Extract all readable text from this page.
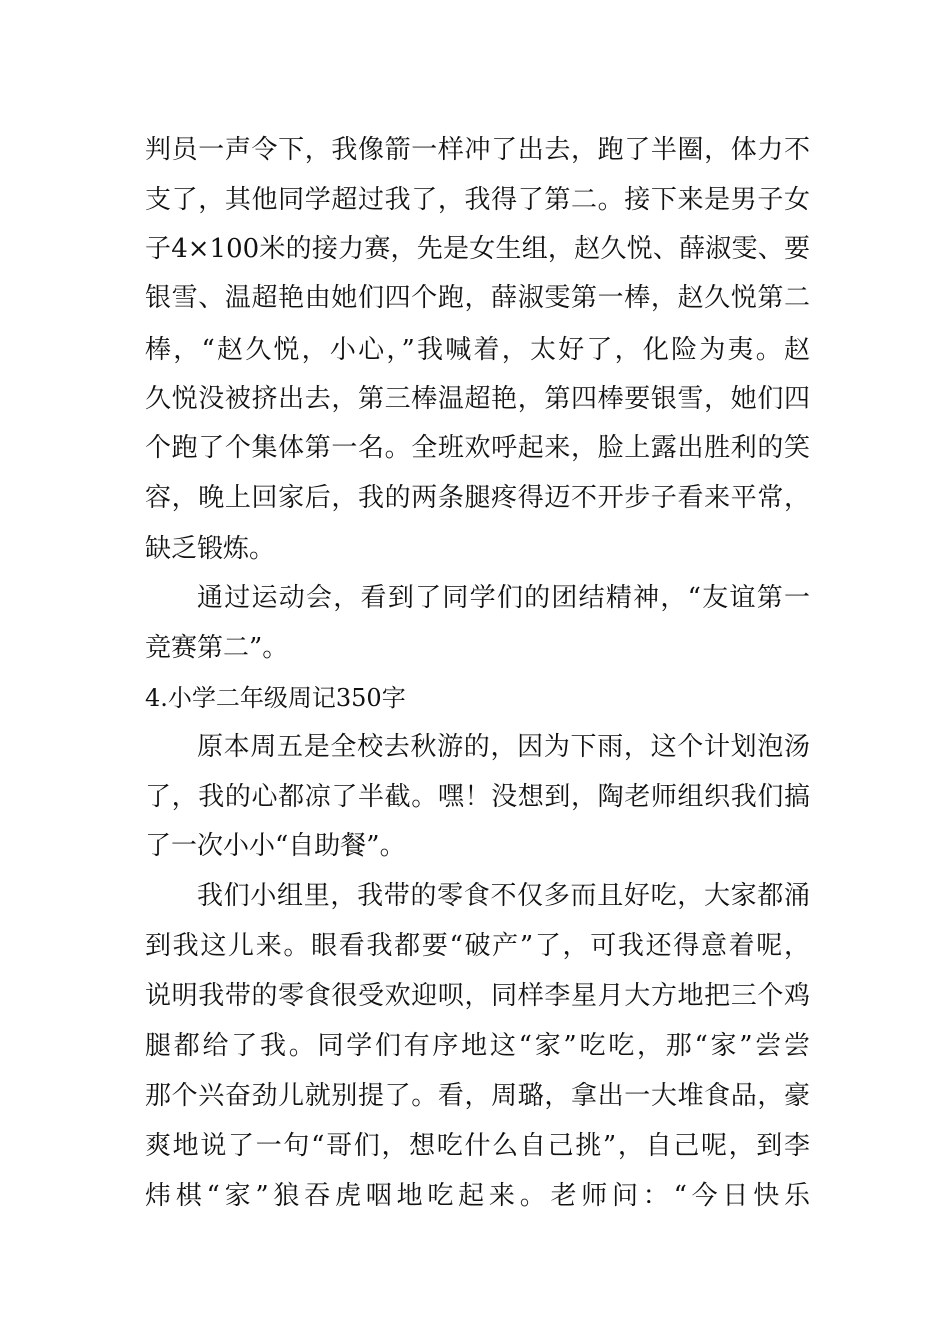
判员一声令下，我像箭一样冲了出去，跑了半圈，体力不
支了，其他同学超过我了，我得了第二。接下来是男子女
子4×100米的接力赛，先是女生组，赵久悦、薛淑雯、要
银雪、温超艳由她们四个跑，薛淑雯第一棒，赵久悦第二
棒，“赵久悦，小心，”我喊着，太好了，化险为夷。赵
久悦没被挤出去，第三棒温超艳，第四棒要银雪，她们四
个跑了个集体第一名。全班欢呼起来，脸上露出胜利的笑
容，晚上回家后，我的两条腿疼得迈不开步子看来平常，
缺乏锻炼。
通过运动会，看到了同学们的团结精神，“友谊第一
竞赛第二”。
4.小学二年级周记350字
原本周五是全校去秋游的，因为下雨，这个计划泡汤
了，我的心都凉了半截。嘿！没想到，陶老师组织我们搞
了一次小小“自助餐”。
我们小组里，我带的零食不仅多而且好吃，大家都涌
到我这儿来。眼看我都要“破产”了，可我还得意着呢，
说明我带的零食很受欢迎呗，同样李星月大方地把三个鸡
腿都给了我。同学们有序地这“家”吃吃，那“家”尝尝
那个兴奋劲儿就别提了。看，周璐，拿出一大堆食品，豪
爽地说了一句“哥们，想吃什么自己挑”，自己呢，到李
炜棋“家”狼吞虎咽地吃起来。老师问：“今日快乐
